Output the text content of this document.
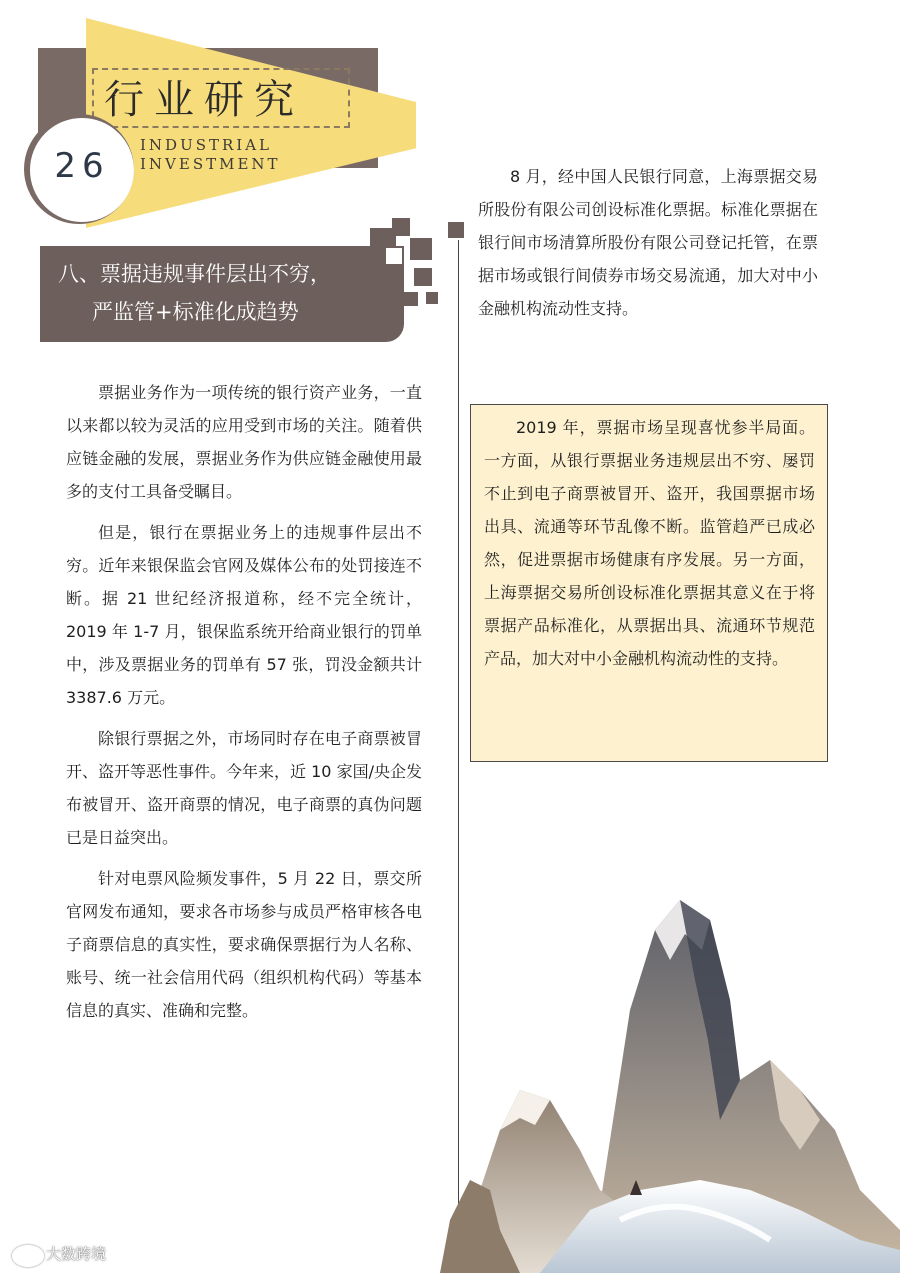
行业研究
INDUSTRIAL
INVESTMENT
26
八、票据违规事件层出不穷，
严监管+标准化成趋势

票据业务作为一项传统的银行资产业务，一直以来都以较为灵活的应用受到市场的关注。随着供应链金融的发展，票据业务作为供应链金融使用最多的支付工具备受瞩目。

但是，银行在票据业务上的违规事件层出不穷。近年来银保监会官网及媒体公布的处罚接连不断。据 21 世纪经济报道称，经不完全统计，2019 年 1-7 月，银保监系统开给商业银行的罚单中，涉及票据业务的罚单有 57 张，罚没金额共计 3387.6 万元。

除银行票据之外，市场同时存在电子商票被冒开、盗开等恶性事件。今年来，近 10 家国/央企发布被冒开、盗开商票的情况，电子商票的真伪问题已是日益突出。

针对电票风险频发事件，5 月 22 日，票交所官网发布通知，要求各市场参与成员严格审核各电子商票信息的真实性，要求确保票据行为人名称、账号、统一社会信用代码（组织机构代码）等基本信息的真实、准确和完整。

8 月，经中国人民银行同意，上海票据交易所股份有限公司创设标准化票据。标准化票据在银行间市场清算所股份有限公司登记托管，在票据市场或银行间债券市场交易流通，加大对中小金融机构流动性支持。

2019 年，票据市场呈现喜忧参半局面。一方面，从银行票据业务违规层出不穷、屡罚不止到电子商票被冒开、盗开，我国票据市场出具、流通等环节乱像不断。监管趋严已成必然，促进票据市场健康有序发展。另一方面，上海票据交易所创设标准化票据其意义在于将票据产品标准化，从票据出具、流通环节规范产品，加大对中小金融机构流动性的支持。

大数跨境
